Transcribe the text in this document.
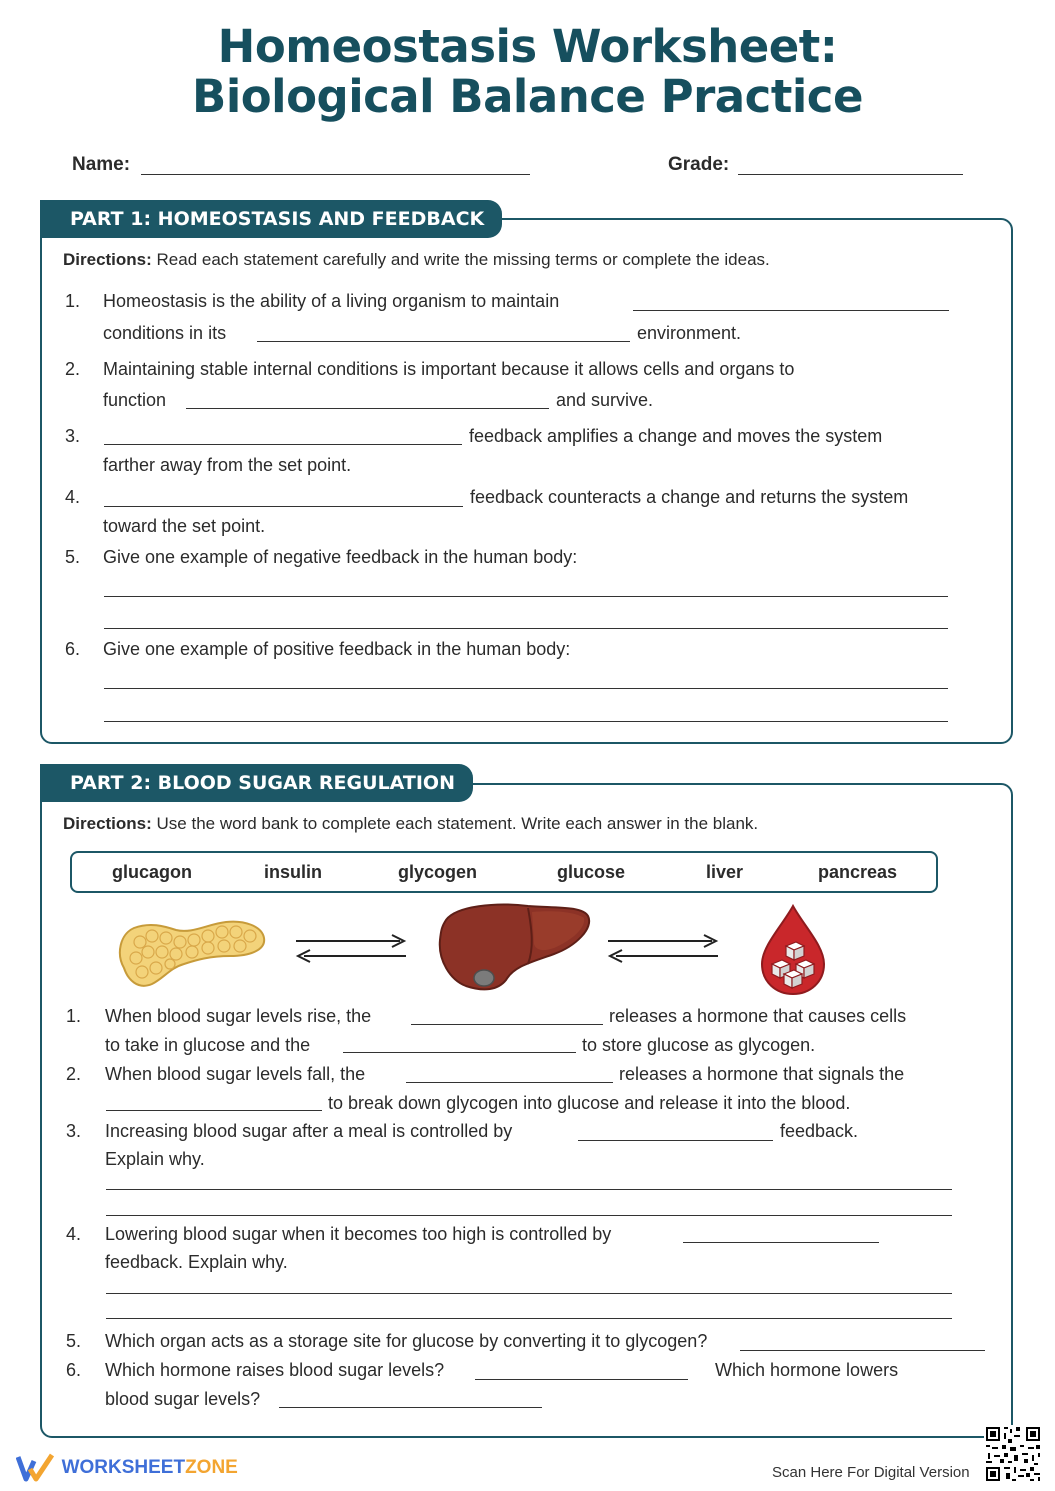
Homeostasis Worksheet:
Biological Balance Practice
Name:	Grade:
PART 1: HOMEOSTASIS AND FEEDBACK
Directions: Read each statement carefully and write the missing terms or complete the ideas.
1. Homeostasis is the ability of a living organism to maintain
conditions in its	environment.
2. Maintaining stable internal conditions is important because it allows cells and organs to
function	and survive.
3.	feedback amplifies a change and moves the system
farther away from the set point.
4.	feedback counteracts a change and returns the system
toward the set point.
5. Give one example of negative feedback in the human body:
6. Give one example of positive feedback in the human body:
PART 2: BLOOD SUGAR REGULATION
Directions: Use the word bank to complete each statement. Write each answer in the blank.
glucagon	insulin	glycogen	glucose	liver	pancreas
1. When blood sugar levels rise, the	releases a hormone that causes cells
to take in glucose and the	to store glucose as glycogen.
2. When blood sugar levels fall, the	releases a hormone that signals the
to break down glycogen into glucose and release it into the blood.
3. Increasing blood sugar after a meal is controlled by	feedback.
Explain why.
4. Lowering blood sugar when it becomes too high is controlled by
feedback. Explain why.
5. Which organ acts as a storage site for glucose by converting it to glycogen?
6. Which hormone raises blood sugar levels?	Which hormone lowers
blood sugar levels?
WORKSHEETZONE	Scan Here For Digital Version
